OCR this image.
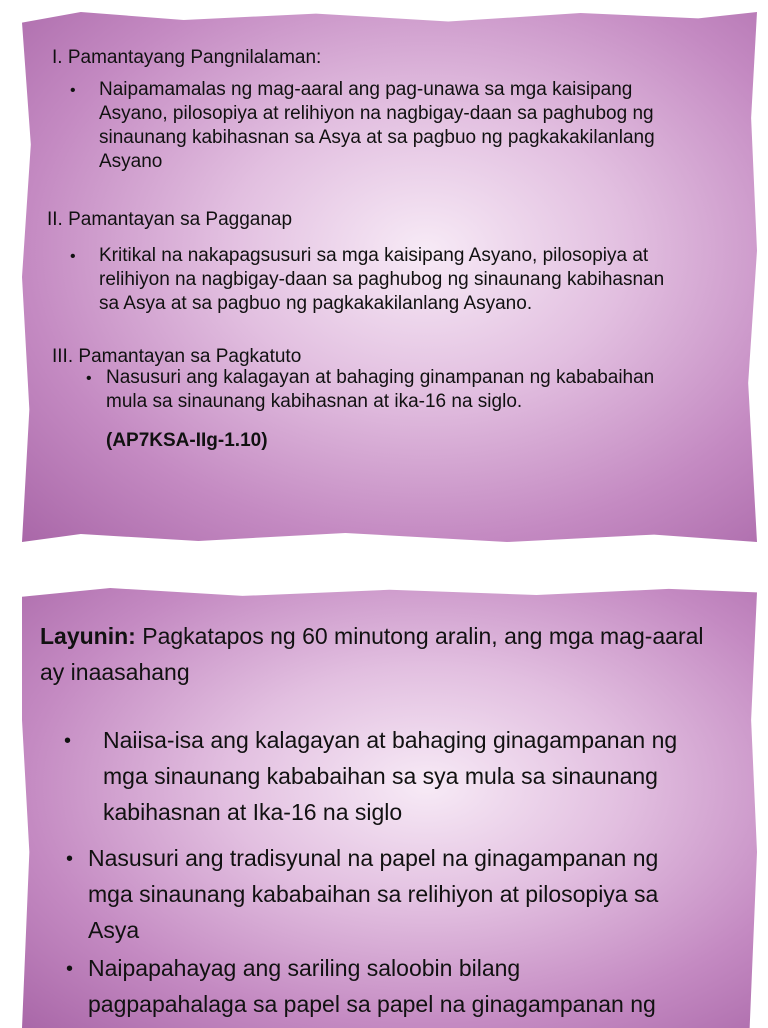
I. Pamantayang Pangnilalaman:

• Naipamamalas ng mag-aaral ang pag-unawa sa mga kaisipang
Asyano, pilosopiya at relihiyon na nagbigay-daan sa paghubog ng
sinaunang kabihasnan sa Asya at sa pagbuo ng pagkakakilanlang
Asyano

II. Pamantayan sa Pagganap

• Kritikal na nakapagsusuri sa mga kaisipang Asyano, pilosopiya at
relihiyon na nagbigay-daan sa paghubog ng sinaunang kabihasnan
sa Asya at sa pagbuo ng pagkakakilanlang Asyano.

III. Pamantayan sa Pagkatuto

• Nasusuri ang kalagayan at bahaging ginampanan ng kababaihan
mula sa sinaunang kabihasnan at ika-16 na siglo.

(AP7KSA-IIg-1.10)

Layunin: Pagkatapos ng 60 minutong aralin, ang mga mag-aaral
ay inaasahang
• Naiisa-isa ang kalagayan at bahaging ginagampanan ng
mga sinaunang kababaihan sa sya mula sa sinaunang
kabihasnan at Ika-16 na siglo
• Nasusuri ang tradisyunal na papel na ginagampanan ng
mga sinaunang kababaihan sa relihiyon at pilosopiya sa
Asya
• Naipapahayag ang sariling saloobin bilang
pagpapahalaga sa papel sa papel na ginagampanan ng
